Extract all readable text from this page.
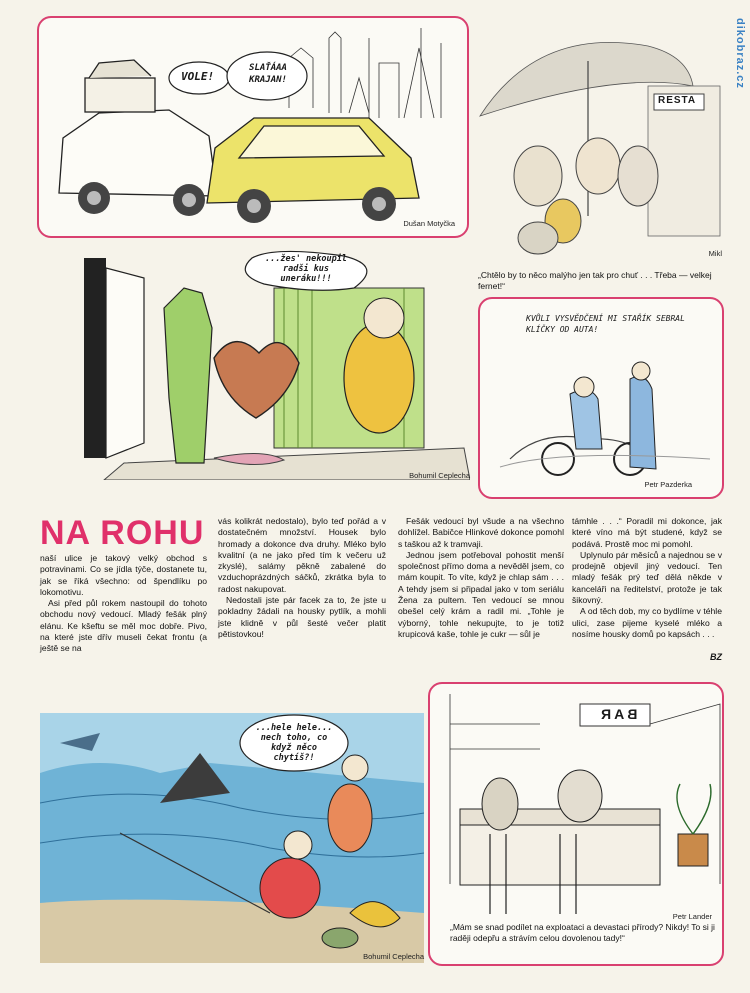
dikobraz.cz
VOLE!
SLAŤÁAA KRAJAN!
Dušan Motyčka
RESTA
Mikl
„Chtělo by to něco malýho jen tak pro chuť . . . Třeba — velkej fernet!“
...žes' nekoupil radši kus uneráku!!!
Bohumil Ceplecha
KVŮLI VYSVĚDČENÍ MI STAŘÍK SEBRAL KLÍČKY OD AUTA!
Petr Pazderka
NA ROHU

naší ulice je takový velký obchod s potravinami. Co se jídla týče, dostanete tu, jak se říká všechno: od špendlíku po lokomotivu.

Asi před půl rokem nastoupil do tohoto obchodu nový vedoucí. Mladý fešák plný elánu. Ke kšeftu se měl moc dobře. Pivo, na které jste dřív museli čekat frontu (a ještě se na

vás kolikrát nedostalo), bylo teď pořád a v dostatečném množství. Housek bylo hromady a dokonce dva druhy. Mléko bylo kvalitní (a ne jako před tím k večeru už zkyslé), salámy pěkně zabalené do vzduchoprázdných sáčků, zkrátka byla to radost nakupovat.

Nedostali jste pár facek za to, že jste u pokladny žádali na housky pytlík, a mohli jste klidně v půl šesté večer platit pětistovkou!

Fešák vedoucí byl všude a na všechno dohlížel. Babičce Hlinkové dokonce pomohl s taškou až k tramvaji.

Jednou jsem potřeboval pohostit menší společnost přímo doma a nevěděl jsem, co mám koupit. To víte, když je chlap sám . . . A tehdy jsem si připadal jako v tom seriálu Žena za pultem. Ten vedoucí se mnou obešel celý krám a radil mi. „Tohle je výborný, tohle nekupujte, to je totiž krupicová kaše, tohle je cukr — sůl je

támhle . . .“ Poradil mi dokonce, jak které víno má být studené, když se podává. Prostě moc mi pomohl.

Uplynulo pár měsíců a najednou se v prodejně objevil jiný vedoucí. Ten mladý fešák prý teď dělá někde v kanceláři na ředitelství, protože je tak šikovný.

A od těch dob, my co bydlíme v téhle ulici, zase pijeme kyselé mléko a nosíme housky domů po kapsách . . .

BZ
...hele hele... nech toho, co když něco chytíš?!
Bohumil Ceplecha
BAR
Petr Lander
„Mám se snad podílet na exploataci a devastaci přírody? Nikdy! To si ji raději odepřu a strávím celou dovolenou tady!“
